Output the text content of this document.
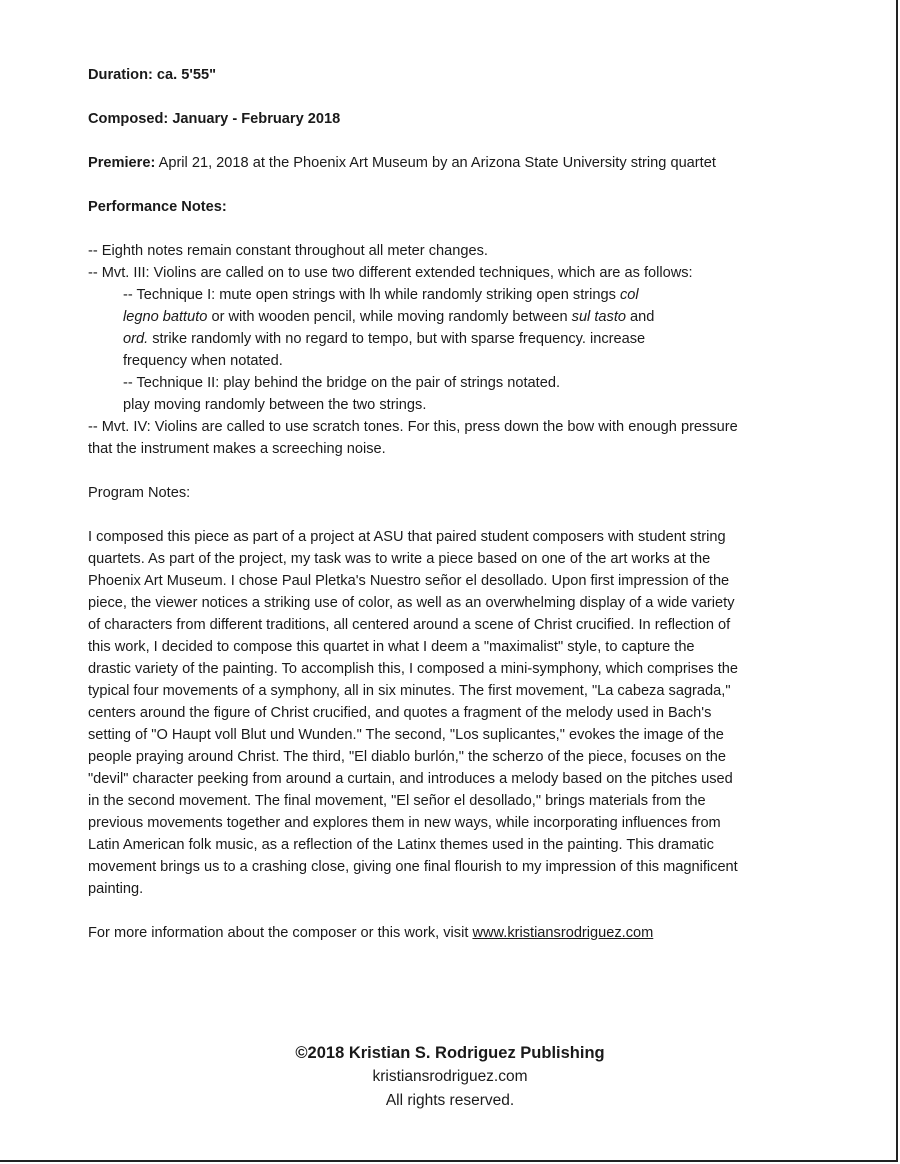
Duration: ca. 5'55"
Composed: January - February 2018
Premiere: April 21, 2018 at the Phoenix Art Museum by an Arizona State University string quartet
Performance Notes:
-- Eighth notes remain constant throughout all meter changes.
-- Mvt. III: Violins are called on to use two different extended techniques, which are as follows:
-- Technique I: mute open strings with lh while randomly striking open strings col
legno battuto or with wooden pencil, while moving randomly between sul tasto and
ord. strike randomly with no regard to tempo, but with sparse frequency. increase
frequency when notated.
-- Technique II: play behind the bridge on the pair of strings notated.
play moving randomly between the two strings.
-- Mvt. IV: Violins are called to use scratch tones. For this, press down the bow with enough pressure
that the instrument makes a screeching noise.
Program Notes:
I composed this piece as part of a project at ASU that paired student composers with student string
quartets. As part of the project, my task was to write a piece based on one of the art works at the
Phoenix Art Museum. I chose Paul Pletka's Nuestro señor el desollado. Upon first impression of the
piece, the viewer notices a striking use of color, as well as an overwhelming display of a wide variety
of characters from different traditions, all centered around a scene of Christ crucified. In reflection of
this work, I decided to compose this quartet in what I deem a "maximalist" style, to capture the
drastic variety of the painting. To accomplish this, I composed a mini-symphony, which comprises the
typical four movements of a symphony, all in six minutes. The first movement, "La cabeza sagrada,"
centers around the figure of Christ crucified, and quotes a fragment of the melody used in Bach's
setting of "O Haupt voll Blut und Wunden." The second, "Los suplicantes," evokes the image of the
people praying around Christ. The third, "El diablo burlón," the scherzo of the piece, focuses on the
"devil" character peeking from around a curtain, and introduces a melody based on the pitches used
in the second movement. The final movement, "El señor el desollado," brings materials from the
previous movements together and explores them in new ways, while incorporating influences from
Latin American folk music, as a reflection of the Latinx themes used in the painting. This dramatic
movement brings us to a crashing close, giving one final flourish to my impression of this magnificent
painting.
For more information about the composer or this work, visit www.kristiansrodriguez.com
©2018 Kristian S. Rodriguez Publishing
kristiansrodriguez.com
All rights reserved.
